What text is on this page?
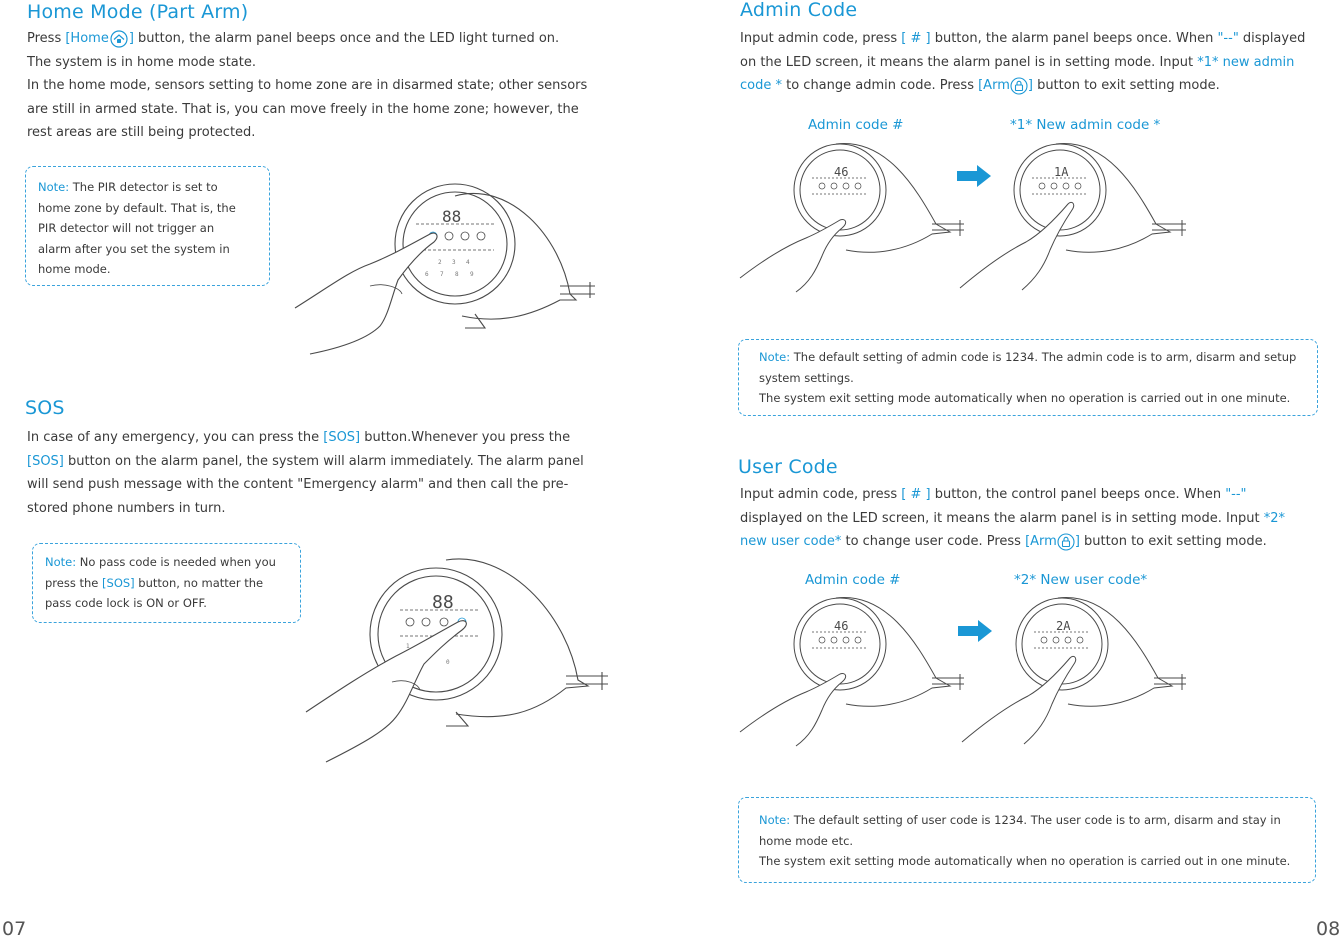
Home Mode (Part Arm)

Press [Home ] button, the alarm panel beeps once and the LED light turned on.

The system is in home mode state.

In the home mode, sensors setting to home zone are in disarmed state; other sensors

are still in armed state. That is, you can move freely in the home zone; however, the

rest areas are still being protected.

Note: The PIR detector is set to

home zone by default. That is, the

PIR detector will not trigger an

alarm after you set the system in

home mode.

88
2 3 4
6 7 8 9
SOS

In case of any emergency, you can press the [SOS] button.Whenever you press the

[SOS] button on the alarm panel, the system will alarm immediately. The alarm panel

will send push message with the content "Emergency alarm" and then call the pre-

stored phone numbers in turn.

Note: No pass code is needed when you

press the [SOS] button, no matter the

pass code lock is ON or OFF.	88
1
0
07
Admin Code

Input admin code, press [ # ] button, the alarm panel beeps once. When "--" displayed

on the LED screen, it means the alarm panel is in setting mode. Input *1* new admin

code * to change admin code. Press [Arm ] button to exit setting mode.

Admin code #	*1* New admin code *
46	1A

Note: The default setting of admin code is 1234. The admin code is to arm, disarm and setup

system settings.

The system exit setting mode automatically when no operation is carried out in one minute.

User Code

Input admin code, press [ # ] button, the control panel beeps once. When "--"

displayed on the LED screen, it means the alarm panel is in setting mode. Input *2*

new user code* to change user code. Press [Arm ] button to exit setting mode.

Admin code #	*2* New user code*
46	2A

Note: The default setting of user code is 1234. The user code is to arm, disarm and stay in

home mode etc.

The system exit setting mode automatically when no operation is carried out in one minute.

08
